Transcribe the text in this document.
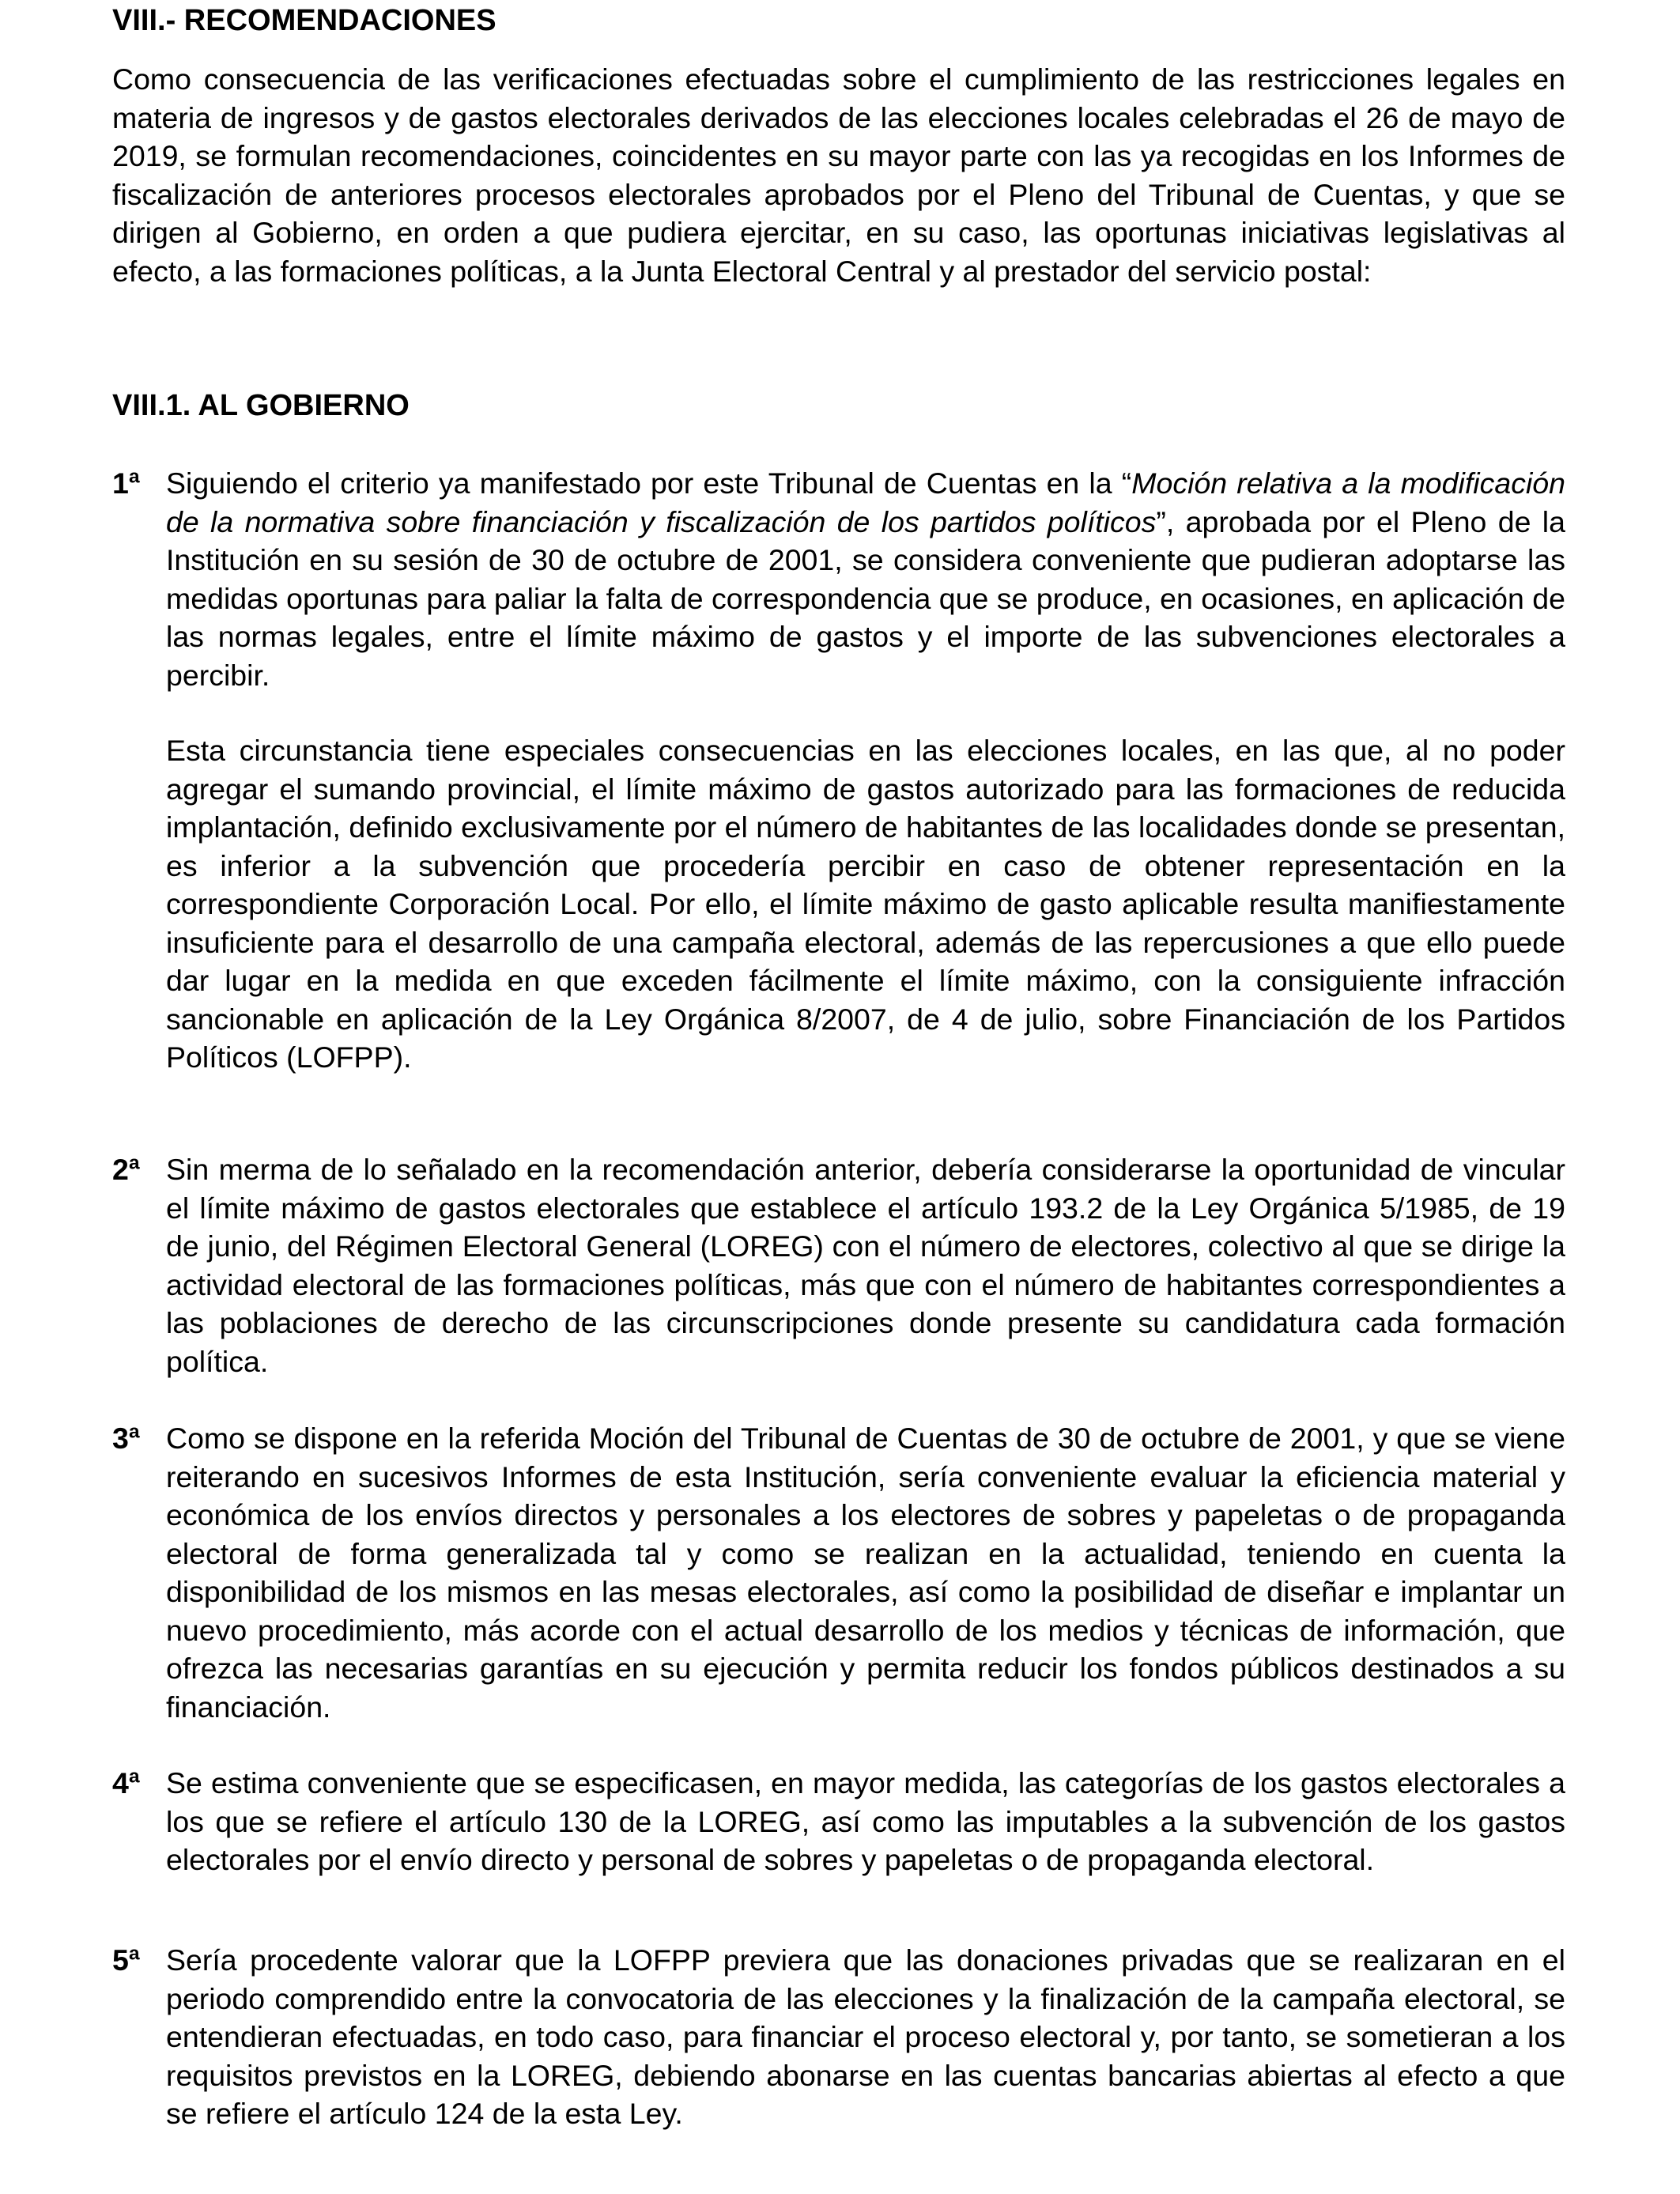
VIII.- RECOMENDACIONES
Como consecuencia de las verificaciones efectuadas sobre el cumplimiento de las restricciones legales en materia de ingresos y de gastos electorales derivados de las elecciones locales celebradas el 26 de mayo de 2019, se formulan recomendaciones, coincidentes en su mayor parte con las ya recogidas en los Informes de fiscalización de anteriores procesos electorales aprobados por el Pleno del Tribunal de Cuentas, y que se dirigen al Gobierno, en orden a que pudiera ejercitar, en su caso, las oportunas iniciativas legislativas al efecto, a las formaciones políticas, a la Junta Electoral Central y al prestador del servicio postal:
VIII.1. AL GOBIERNO
1ª Siguiendo el criterio ya manifestado por este Tribunal de Cuentas en la “Moción relativa a la modificación de la normativa sobre financiación y fiscalización de los partidos políticos”, aprobada por el Pleno de la Institución en su sesión de 30 de octubre de 2001, se considera conveniente que pudieran adoptarse las medidas oportunas para paliar la falta de correspondencia que se produce, en ocasiones, en aplicación de las normas legales, entre el límite máximo de gastos y el importe de las subvenciones electorales a percibir.
Esta circunstancia tiene especiales consecuencias en las elecciones locales, en las que, al no poder agregar el sumando provincial, el límite máximo de gastos autorizado para las formaciones de reducida implantación, definido exclusivamente por el número de habitantes de las localidades donde se presentan, es inferior a la subvención que procedería percibir en caso de obtener representación en la correspondiente Corporación Local. Por ello, el límite máximo de gasto aplicable resulta manifiestamente insuficiente para el desarrollo de una campaña electoral, además de las repercusiones a que ello puede dar lugar en la medida en que exceden fácilmente el límite máximo, con la consiguiente infracción sancionable en aplicación de la Ley Orgánica 8/2007, de 4 de julio, sobre Financiación de los Partidos Políticos (LOFPP).
2ª Sin merma de lo señalado en la recomendación anterior, debería considerarse la oportunidad de vincular el límite máximo de gastos electorales que establece el artículo 193.2 de la Ley Orgánica 5/1985, de 19 de junio, del Régimen Electoral General (LOREG) con el número de electores, colectivo al que se dirige la actividad electoral de las formaciones políticas, más que con el número de habitantes correspondientes a las poblaciones de derecho de las circunscripciones donde presente su candidatura cada formación política.
3ª Como se dispone en la referida Moción del Tribunal de Cuentas de 30 de octubre de 2001, y que se viene reiterando en sucesivos Informes de esta Institución, sería conveniente evaluar la eficiencia material y económica de los envíos directos y personales a los electores de sobres y papeletas o de propaganda electoral de forma generalizada tal y como se realizan en la actualidad, teniendo en cuenta la disponibilidad de los mismos en las mesas electorales, así como la posibilidad de diseñar e implantar un nuevo procedimiento, más acorde con el actual desarrollo de los medios y técnicas de información, que ofrezca las necesarias garantías en su ejecución y permita reducir los fondos públicos destinados a su financiación.
4ª Se estima conveniente que se especificasen, en mayor medida, las categorías de los gastos electorales a los que se refiere el artículo 130 de la LOREG, así como las imputables a la subvención de los gastos electorales por el envío directo y personal de sobres y papeletas o de propaganda electoral.
5ª Sería procedente valorar que la LOFPP previera que las donaciones privadas que se realizaran en el periodo comprendido entre la convocatoria de las elecciones y la finalización de la campaña electoral, se entendieran efectuadas, en todo caso, para financiar el proceso electoral y, por tanto, se sometieran a los requisitos previstos en la LOREG, debiendo abonarse en las cuentas bancarias abiertas al efecto a que se refiere el artículo 124 de la esta Ley.
